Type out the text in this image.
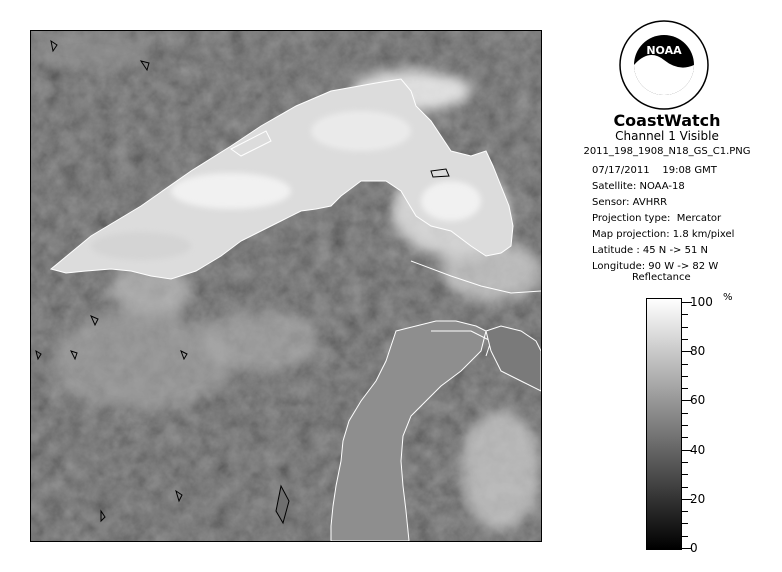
NOAA
CoastWatch
Channel 1 Visible
2011_198_1908_N18_GS_C1.PNG
07/17/2011    19:08 GMT
Satellite: NOAA-18
Sensor: AVHRR
Projection type:  Mercator
Map projection: 1.8 km/pixel
Latitude : 45 N -> 51 N
Longitude: 90 W -> 82 W
Reflectance
%
100
80
60
40
20
0
